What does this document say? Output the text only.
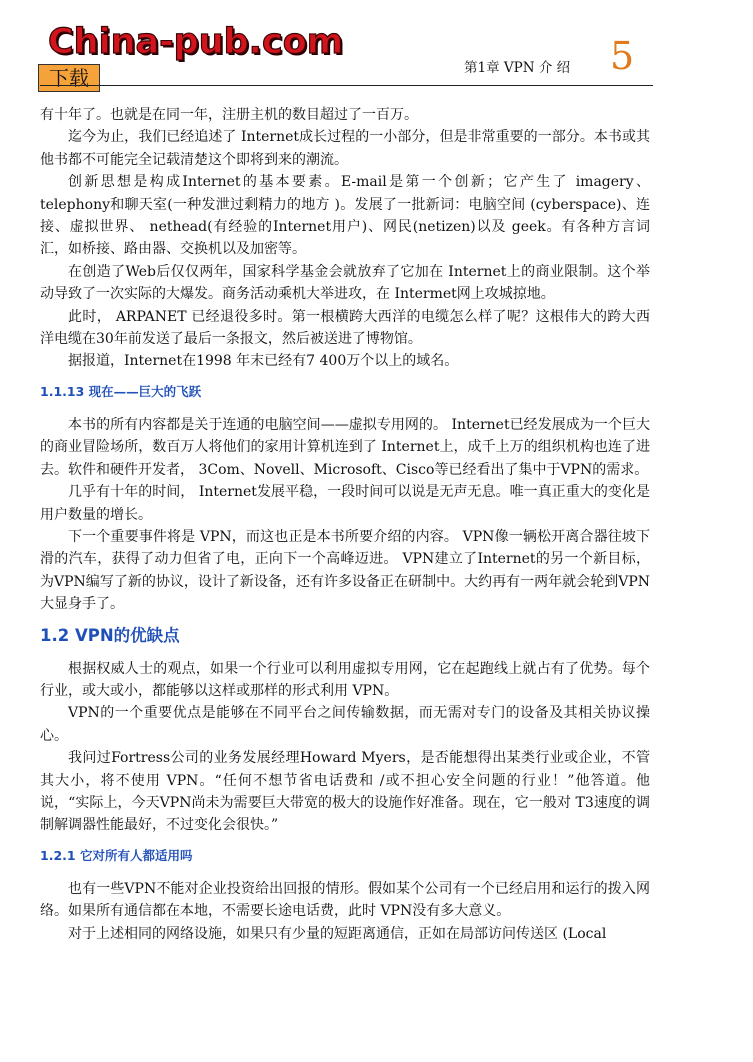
China-pub.com
下载	第1章 VPN 介 绍 5

有十年了。也就是在同一年，注册主机的数目超过了一百万。

迄今为止，我们已经追述了 Internet成长过程的一小部分，但是非常重要的一部分。本书或其他书都不可能完全记载清楚这个即将到来的潮流。

创新思想是构成Internet的基本要素。E-mail是第一个创新；它产生了 imagery、telephony和聊天室(一种发泄过剩精力的地方 )。发展了一批新词：电脑空间 (cyberspace)、连接、虚拟世界、 nethead(有经验的Internet用户)、网民(netizen)以及 geek。有各种方言词汇，如桥接、路由器、交换机以及加密等。

在创造了Web后仅仅两年，国家科学基金会就放弃了它加在 Internet上的商业限制。这个举动导致了一次实际的大爆发。商务活动乘机大举进攻，在 Intermet网上攻城掠地。

此时， ARPANET 已经退役多时。第一根横跨大西洋的电缆怎么样了呢？这根伟大的跨大西洋电缆在30年前发送了最后一条报文，然后被送进了博物馆。

据报道，Internet在1998 年末已经有7 400万个以上的域名。

1.1.13 现在——巨大的飞跃

本书的所有内容都是关于连通的电脑空间——虚拟专用网的。 Internet已经发展成为一个巨大的商业冒险场所，数百万人将他们的家用计算机连到了 Internet上，成千上万的组织机构也连了进去。软件和硬件开发者， 3Com、Novell、Microsoft、Cisco等已经看出了集中于VPN的需求。

几乎有十年的时间， Internet发展平稳，一段时间可以说是无声无息。唯一真正重大的变化是用户数量的增长。

下一个重要事件将是 VPN，而这也正是本书所要介绍的内容。 VPN像一辆松开离合器往坡下滑的汽车，获得了动力但省了电，正向下一个高峰迈进。 VPN建立了Internet的另一个新目标，为VPN编写了新的协议，设计了新设备，还有许多设备正在研制中。大约再有一两年就会轮到VPN大显身手了。

1.2 VPN的优缺点

根据权威人士的观点，如果一个行业可以利用虚拟专用网，它在起跑线上就占有了优势。每个行业，或大或小，都能够以这样或那样的形式利用 VPN。

VPN的一个重要优点是能够在不同平台之间传输数据，而无需对专门的设备及其相关协议操心。

我问过Fortress公司的业务发展经理Howard Myers，是否能想得出某类行业或企业，不管其大小，将不使用 VPN。“任何不想节省电话费和 /或不担心安全问题的行业！”他答道。他说，“实际上，今天VPN尚未为需要巨大带宽的极大的设施作好准备。现在，它一般对 T3速度的调制解调器性能最好，不过变化会很快。”

1.2.1 它对所有人都适用吗

也有一些VPN不能对企业投资给出回报的情形。假如某个公司有一个已经启用和运行的拨入网络。如果所有通信都在本地，不需要长途电话费，此时 VPN没有多大意义。

对于上述相同的网络设施，如果只有少量的短距离通信，正如在局部访问传送区 (Local
